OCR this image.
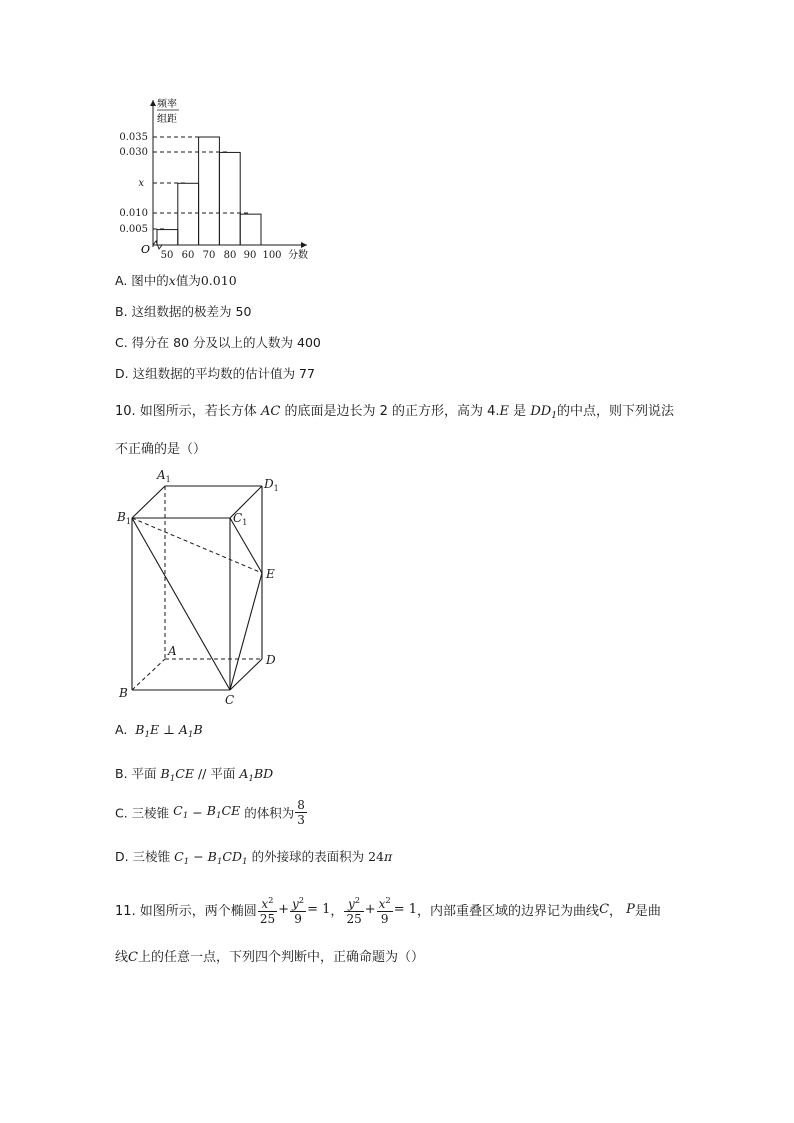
频率
组距
0.035
0.030
x
0.010
0.005
O 50 60 70 80 90 100 分数
A. 图中的x值为0.010
B. 这组数据的极差为 50
C. 得分在 80 分及以上的人数为 400
D. 这组数据的平均数的估计值为 77
10. 如图所示，若长方体 AC 的底面是边长为 2 的正方形，高为 4.E 是 $DD_1$的中点，则下列说法
不正确的是（）
$A_1$	$D_1$
$B_1$	$C_1$
E
A
D
B	C
A. $B_1E$ ⊥ $A_1B$
B. 平面 $B_1CE$ // 平面 $A_1BD$
C. 三棱锥 $C_1 - B_1CE$ 的体积为 $\frac{8}{3}$
D. 三棱锥 $C_1 - B_1CD_1$ 的外接球的表面积为 24π
11. 如图所示，两个椭圆 $\frac{x^2}{25} + \frac{y^2}{9} = 1$， $\frac{y^2}{25} + \frac{x^2}{9} = 1$，内部重叠区域的边界记为曲线C， P是曲
线C上的任意一点，下列四个判断中，正确命题为（）
